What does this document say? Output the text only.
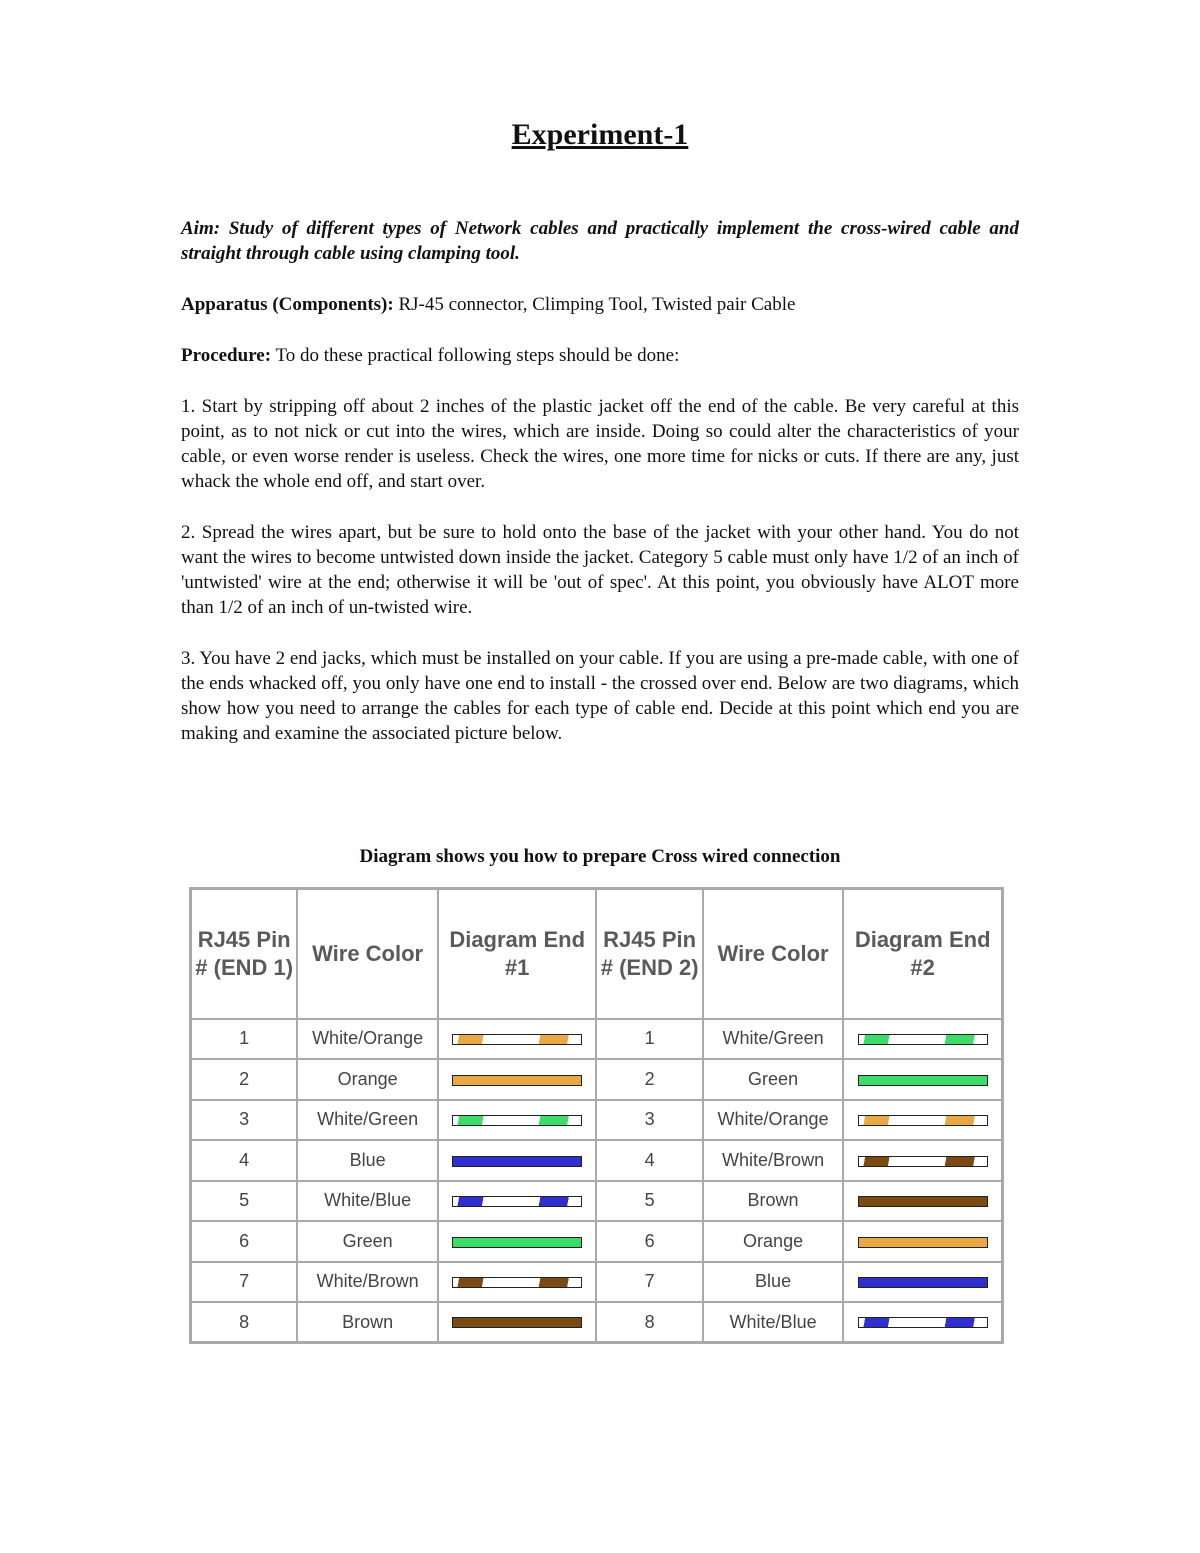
Experiment-1
Aim: Study of different types of Network cables and practically implement the cross-wired cable and straight through cable using clamping tool.

Apparatus (Components): RJ-45 connector, Climping Tool, Twisted pair Cable

Procedure: To do these practical following steps should be done:

1. Start by stripping off about 2 inches of the plastic jacket off the end of the cable. Be very careful at this point, as to not nick or cut into the wires, which are inside. Doing so could alter the characteristics of your cable, or even worse render is useless. Check the wires, one more time for nicks or cuts. If there are any, just whack the whole end off, and start over.

2. Spread the wires apart, but be sure to hold onto the base of the jacket with your other hand. You do not want the wires to become untwisted down inside the jacket. Category 5 cable must only have 1/2 of an inch of 'untwisted' wire at the end; otherwise it will be 'out of spec'. At this point, you obviously have ALOT more than 1/2 of an inch of un-twisted wire.

3. You have 2 end jacks, which must be installed on your cable. If you are using a pre-made cable, with one of the ends whacked off, you only have one end to install - the crossed over end. Below are two diagrams, which show how you need to arrange the cables for each type of cable end. Decide at this point which end you are making and examine the associated picture below.

Diagram shows you how to prepare Cross wired connection
RJ45 Pin # (END 1)	Wire Color	Diagram End #1	RJ45 Pin # (END 2)	Wire Color	Diagram End #2
1	White/Orange		1	White/Green	
2	Orange		2	Green	
3	White/Green		3	White/Orange	
4	Blue		4	White/Brown	
5	White/Blue		5	Brown	
6	Green		6	Orange	
7	White/Brown		7	Blue	
8	Brown		8	White/Blue	
